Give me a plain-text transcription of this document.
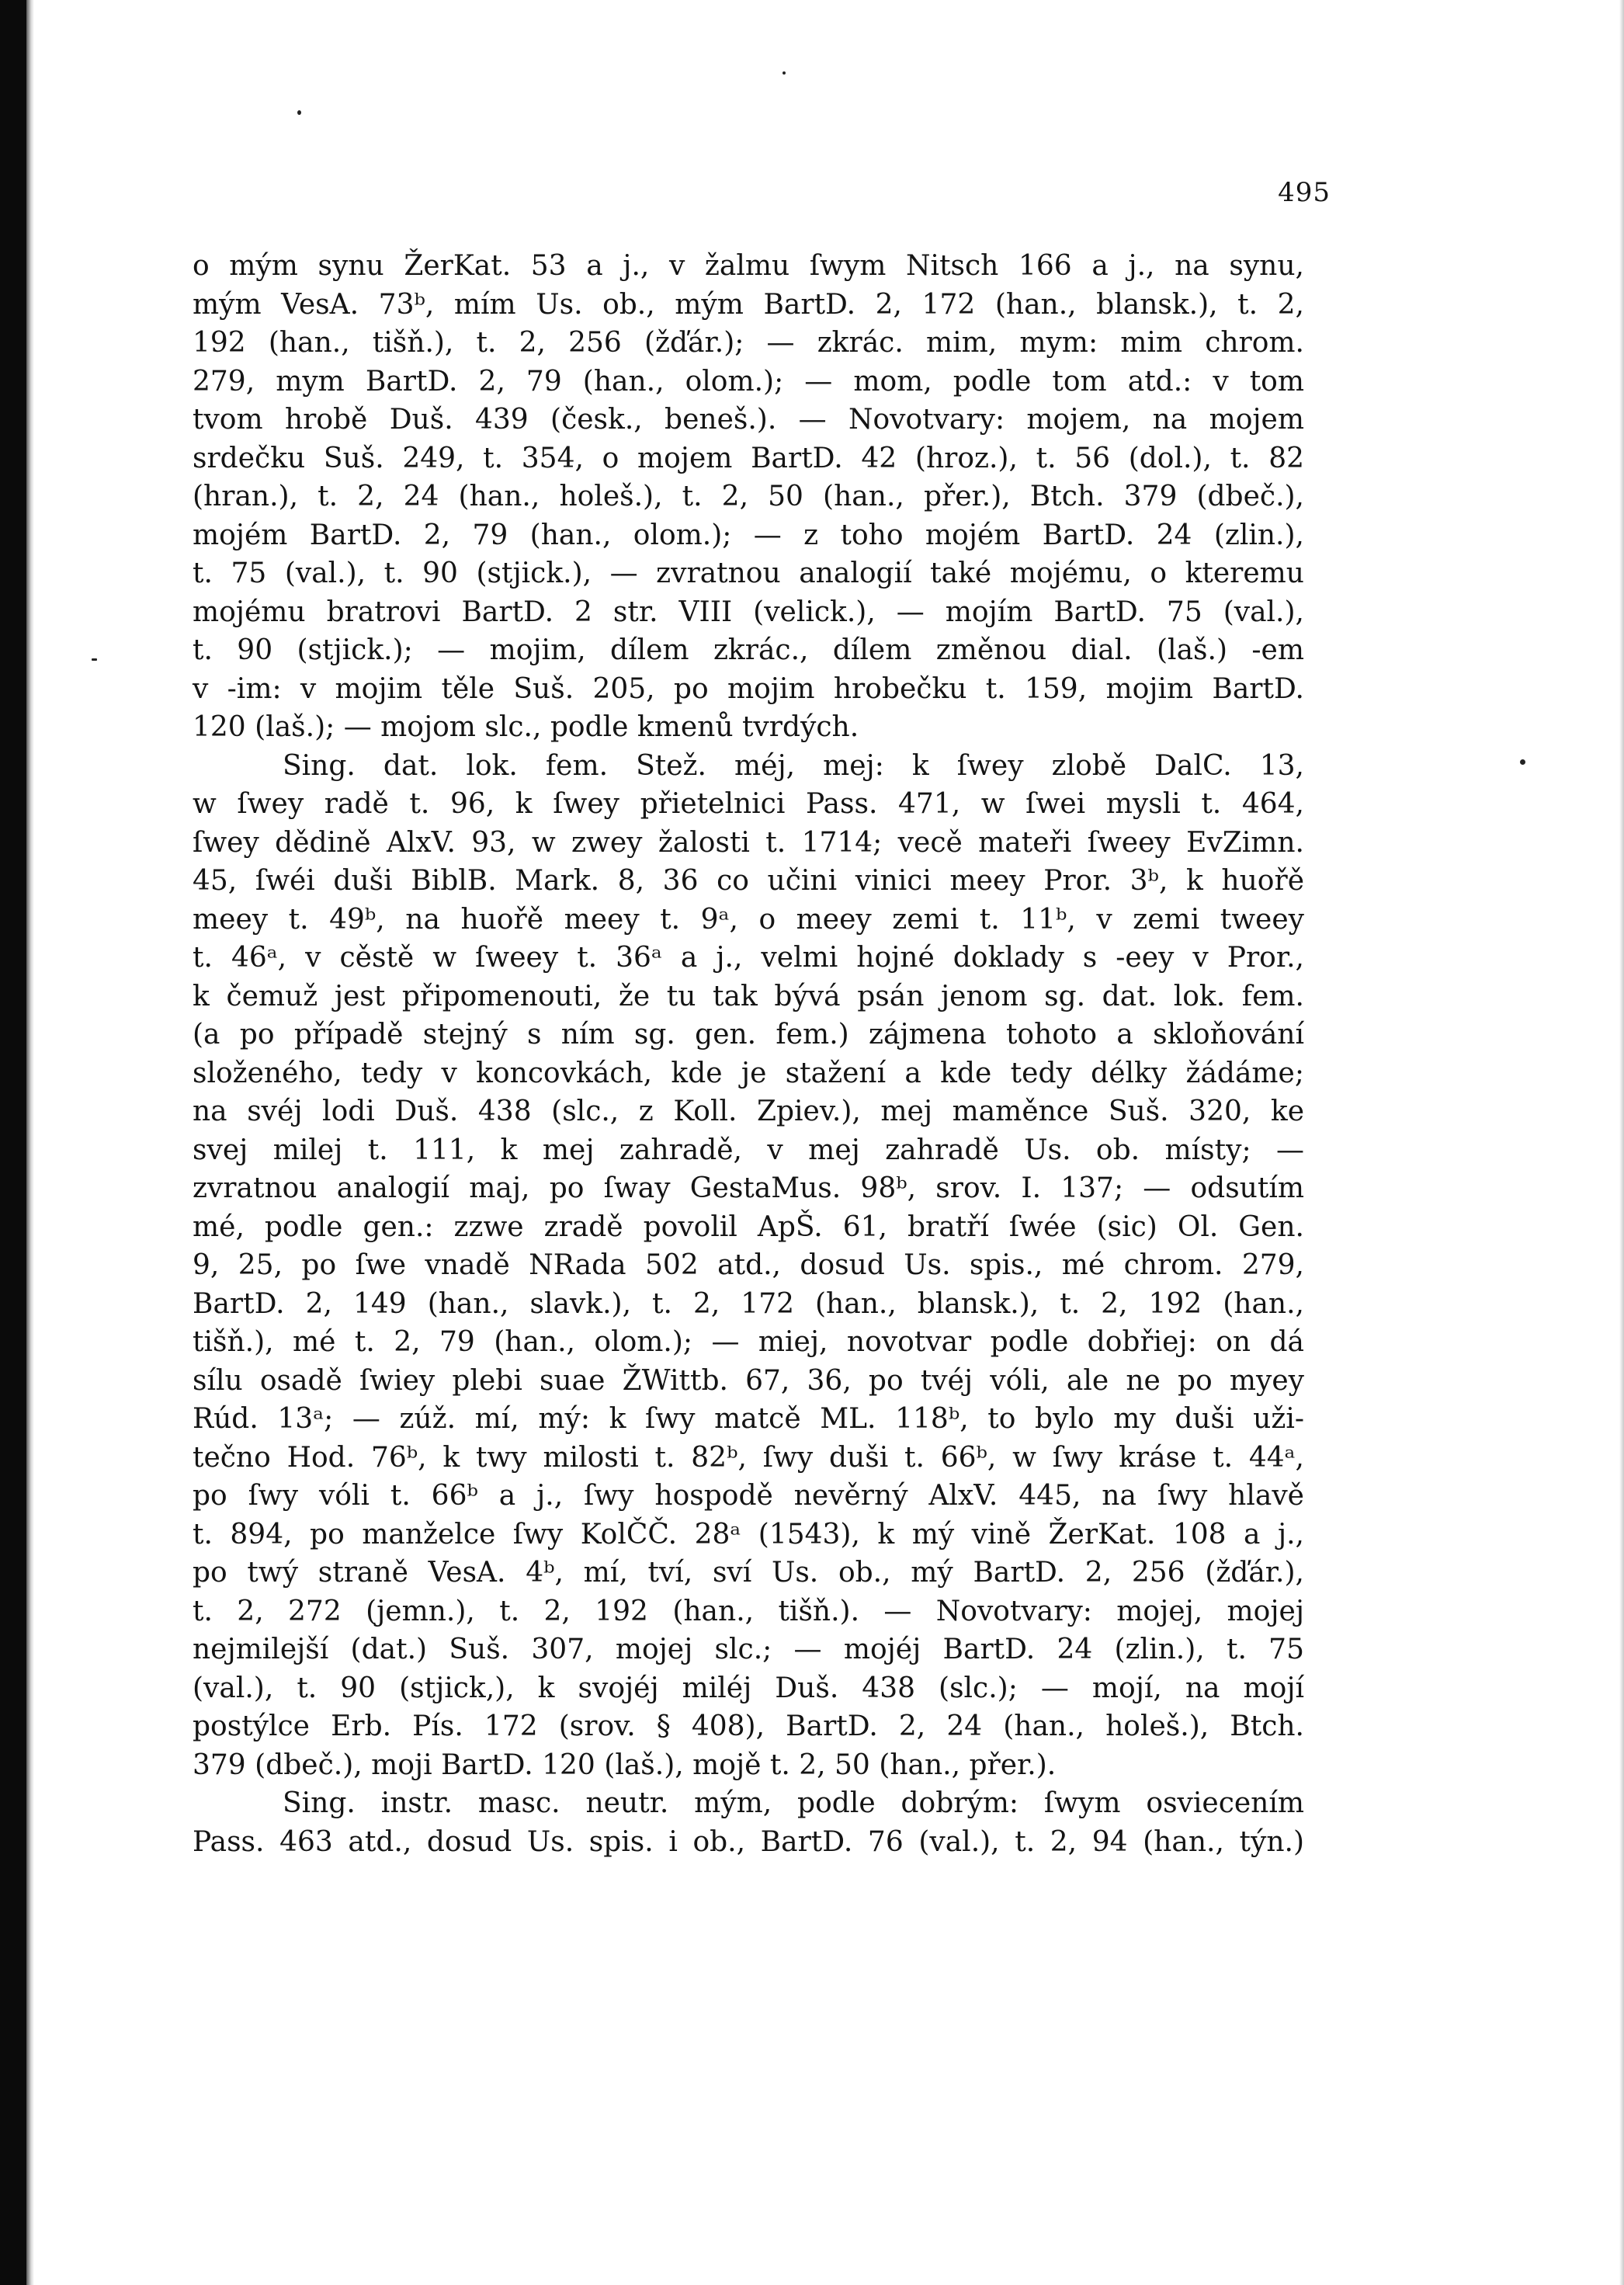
495
o mým synu ŽerKat. 53 a j., v žalmu ſwym Nitsch 166 a j., na synu,
mým VesA. 73ᵇ, mím Us. ob., mým BartD. 2, 172 (han., blansk.), t. 2,
192 (han., tišň.), t. 2, 256 (žďár.); — zkrác. mim, mym: mim chrom.
279, mym BartD. 2, 79 (han., olom.); — mom, podle tom atd.: v tom
tvom hrobě Duš. 439 (česk., beneš.). — Novotvary: mojem, na mojem
srdečku Suš. 249, t. 354, o mojem BartD. 42 (hroz.), t. 56 (dol.), t. 82
(hran.), t. 2, 24 (han., holeš.), t. 2, 50 (han., přer.), Btch. 379 (dbeč.),
mojém BartD. 2, 79 (han., olom.); — z toho mojém BartD. 24 (zlin.),
t. 75 (val.), t. 90 (stjick.), — zvratnou analogií také mojému, o kteremu
mojému bratrovi BartD. 2 str. VIII (velick.), — mojím BartD. 75 (val.),
t. 90 (stjick.); — mojim, dílem zkrác., dílem změnou dial. (laš.) -em
v -im: v mojim těle Suš. 205, po mojim hrobečku t. 159, mojim BartD.
120 (laš.); — mojom slc., podle kmenů tvrdých.
Sing. dat. lok. fem. Stež. méj, mej: k ſwey zlobě DalC. 13,
w ſwey radě t. 96, k ſwey přietelnici Pass. 471, w ſwei mysli t. 464,
ſwey dědině AlxV. 93, w zwey žalosti t. 1714; vecě mateři ſweey EvZimn.
45, ſwéi duši BiblB. Mark. 8, 36 co učini vinici meey Pror. 3ᵇ, k huořě
meey t. 49ᵇ, na huořě meey t. 9ᵃ, o meey zemi t. 11ᵇ, v zemi tweey
t. 46ᵃ, v cěstě w ſweey t. 36ᵃ a j., velmi hojné doklady s -eey v Pror.,
k čemuž jest připomenouti, že tu tak bývá psán jenom sg. dat. lok. fem.
(a po případě stejný s ním sg. gen. fem.) zájmena tohoto a skloňování
složeného, tedy v koncovkách, kde je stažení a kde tedy délky žádáme;
na svéj lodi Duš. 438 (slc., z Koll. Zpiev.), mej maměnce Suš. 320, ke
svej milej t. 111, k mej zahradě, v mej zahradě Us. ob. místy; —
zvratnou analogií maj, po ſway GestaMus. 98ᵇ, srov. I. 137; — odsutím
mé, podle gen.: zzwe zradě povolil ApŠ. 61, bratří ſwée (sic) Ol. Gen.
9, 25, po ſwe vnadě NRada 502 atd., dosud Us. spis., mé chrom. 279,
BartD. 2, 149 (han., slavk.), t. 2, 172 (han., blansk.), t. 2, 192 (han.,
tišň.), mé t. 2, 79 (han., olom.); — miej, novotvar podle dobřiej: on dá
sílu osadě ſwiey plebi suae ŽWittb. 67, 36, po tvéj vóli, ale ne po myey
Rúd. 13ᵃ; — zúž. mí, mý: k ſwy matcě ML. 118ᵇ, to bylo my duši uži-
tečno Hod. 76ᵇ, k twy milosti t. 82ᵇ, ſwy duši t. 66ᵇ, w ſwy krásе t. 44ᵃ,
po ſwy vóli t. 66ᵇ a j., ſwy hospodě nevěrný AlxV. 445, na ſwy hlavě
t. 894, po manželce ſwy KolČČ. 28ᵃ (1543), k mý vině ŽerKat. 108 a j.,
po twý straně VesA. 4ᵇ, mí, tví, sví Us. ob., mý BartD. 2, 256 (žďár.),
t. 2, 272 (jemn.), t. 2, 192 (han., tišň.). — Novotvary: mojej, mojej
nejmilejší (dat.) Suš. 307, mojej slc.; — mojéj BartD. 24 (zlin.), t. 75
(val.), t. 90 (stjick,), k svojéj miléj Duš. 438 (slc.); — mojí, na mojí
postýlce Erb. Pís. 172 (srov. § 408), BartD. 2, 24 (han., holeš.), Btch.
379 (dbeč.), moji BartD. 120 (laš.), mojě t. 2, 50 (han., přer.).
Sing. instr. masc. neutr. mým, podle dobrým: ſwym osviecením
Pass. 463 atd., dosud Us. spis. i ob., BartD. 76 (val.), t. 2, 94 (han., týn.)
